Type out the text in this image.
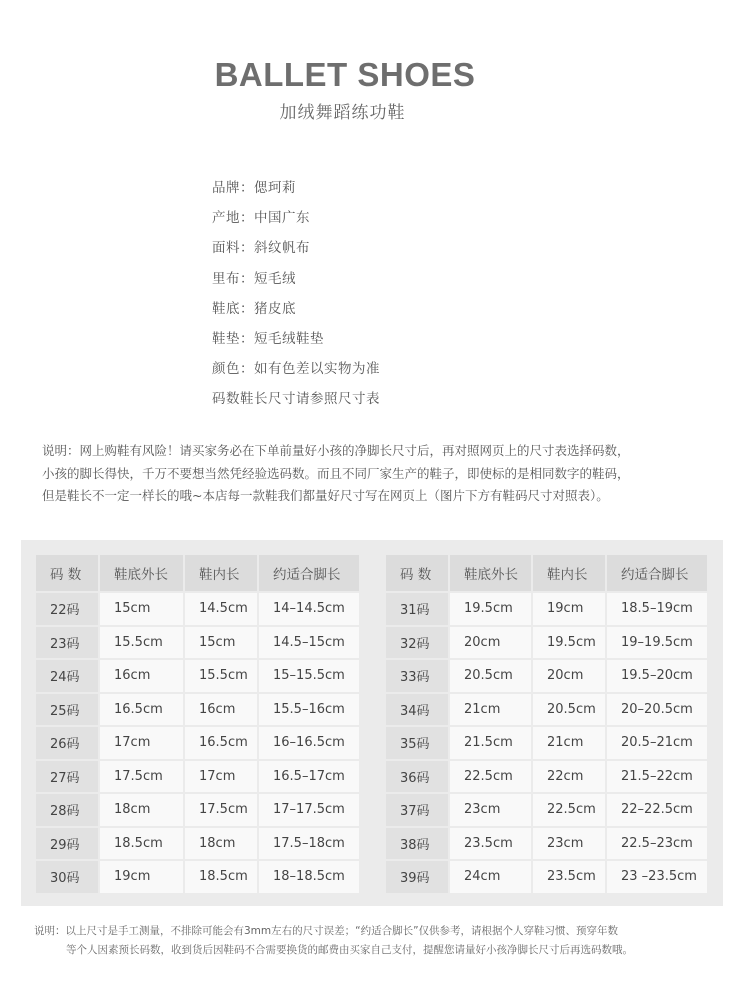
BALLET SHOES
加绒舞蹈练功鞋
品牌：偲珂莉
产地：中国广东
面料：斜纹帆布
里布：短毛绒
鞋底：猪皮底
鞋垫：短毛绒鞋垫
颜色：如有色差以实物为准
码数鞋长尺寸请参照尺寸表
说明：网上购鞋有风险！请买家务必在下单前量好小孩的净脚长尺寸后，再对照网页上的尺寸表选择码数，
小孩的脚长得快，千万不要想当然凭经验选码数。而且不同厂家生产的鞋子，即使标的是相同数字的鞋码，
但是鞋长不一定一样长的哦~本店每一款鞋我们都量好尺寸写在网页上（图片下方有鞋码尺寸对照表）。
码 数	鞋底外长	鞋内长	约适合脚长
22码	15cm	14.5cm	14–14.5cm
23码	15.5cm	15cm	14.5–15cm
24码	16cm	15.5cm	15–15.5cm
25码	16.5cm	16cm	15.5–16cm
26码	17cm	16.5cm	16–16.5cm
27码	17.5cm	17cm	16.5–17cm
28码	18cm	17.5cm	17–17.5cm
29码	18.5cm	18cm	17.5–18cm
30码	19cm	18.5cm	18–18.5cm
码 数	鞋底外长	鞋内长	约适合脚长
31码	19.5cm	19cm	18.5–19cm
32码	20cm	19.5cm	19–19.5cm
33码	20.5cm	20cm	19.5–20cm
34码	21cm	20.5cm	20–20.5cm
35码	21.5cm	21cm	20.5–21cm
36码	22.5cm	22cm	21.5–22cm
37码	23cm	22.5cm	22–22.5cm
38码	23.5cm	23cm	22.5–23cm
39码	24cm	23.5cm	23 –23.5cm
说明：以上尺寸是手工测量，不排除可能会有3mm左右的尺寸误差；“约适合脚长”仅供参考，请根据个人穿鞋习惯、预穿年数
等个人因素预长码数，收到货后因鞋码不合需要换货的邮费由买家自己支付，提醒您请量好小孩净脚长尺寸后再选码数哦。
